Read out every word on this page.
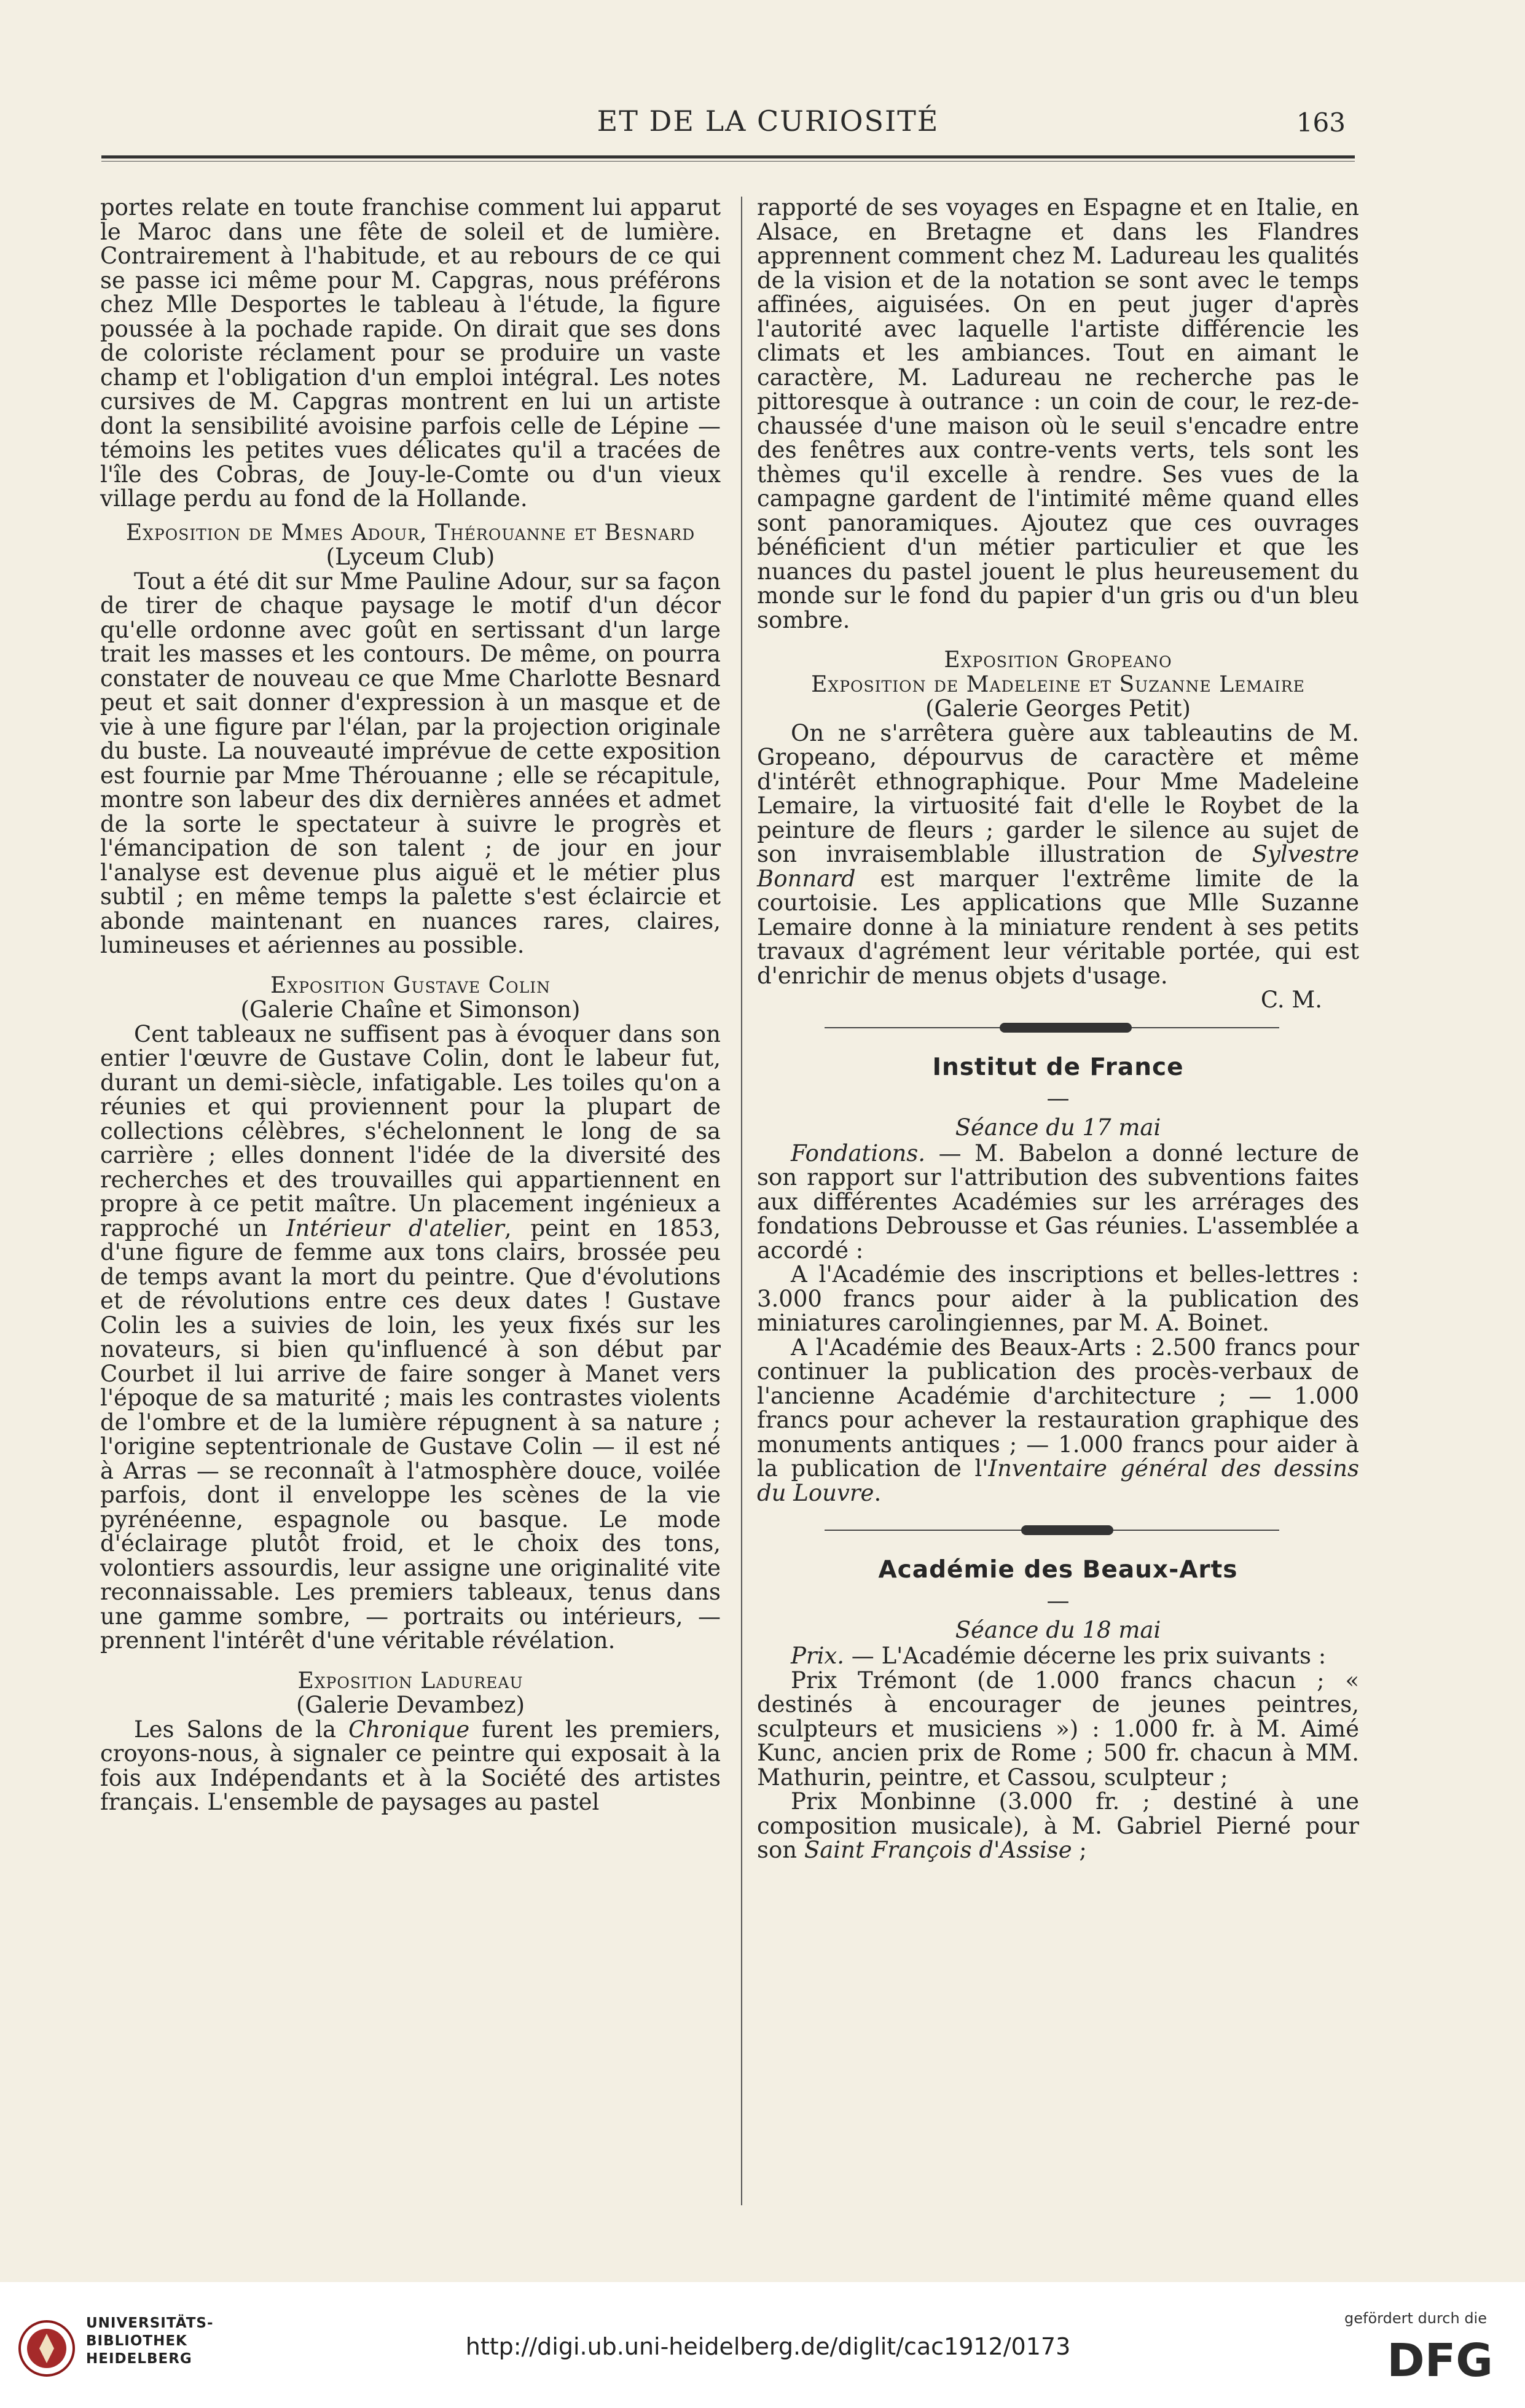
ET DE LA CURIOSITÉ	163

portes relate en toute franchise comment lui apparut le Maroc dans une fête de soleil et de lumière. Contrairement à l'habitude, et au rebours de ce qui se passe ici même pour M. Capgras, nous préférons chez Mlle Desportes le tableau à l'étude, la figure poussée à la pochade rapide. On dirait que ses dons de coloriste réclament pour se produire un vaste champ et l'obligation d'un emploi intégral. Les notes cursives de M. Capgras montrent en lui un artiste dont la sensibilité avoisine parfois celle de Lépine — témoins les petites vues délicates qu'il a tracées de l'île des Cobras, de Jouy-le-Comte ou d'un vieux village perdu au fond de la Hollande.

Exposition de Mmes Adour, Thérouanne et Besnard

(Lyceum Club)

Tout a été dit sur Mme Pauline Adour, sur sa façon de tirer de chaque paysage le motif d'un décor qu'elle ordonne avec goût en sertissant d'un large trait les masses et les contours. De même, on pourra constater de nouveau ce que Mme Charlotte Besnard peut et sait donner d'expression à un masque et de vie à une figure par l'élan, par la projection originale du buste. La nouveauté imprévue de cette exposition est fournie par Mme Thérouanne ; elle se récapitule, montre son labeur des dix dernières années et admet de la sorte le spectateur à suivre le progrès et l'émancipation de son talent ; de jour en jour l'analyse est devenue plus aiguë et le métier plus subtil ; en même temps la palette s'est éclaircie et abonde maintenant en nuances rares, claires, lumineuses et aériennes au possible.

Exposition Gustave Colin

(Galerie Chaîne et Simonson)

Cent tableaux ne suffisent pas à évoquer dans son entier l'œuvre de Gustave Colin, dont le labeur fut, durant un demi-siècle, infatigable. Les toiles qu'on a réunies et qui proviennent pour la plupart de collections célèbres, s'échelonnent le long de sa carrière ; elles donnent l'idée de la diversité des recherches et des trouvailles qui appartiennent en propre à ce petit maître. Un placement ingénieux a rapproché un Intérieur d'atelier, peint en 1853, d'une figure de femme aux tons clairs, brossée peu de temps avant la mort du peintre. Que d'évolutions et de révolutions entre ces deux dates ! Gustave Colin les a suivies de loin, les yeux fixés sur les novateurs, si bien qu'influencé à son début par Courbet il lui arrive de faire songer à Manet vers l'époque de sa maturité ; mais les contrastes violents de l'ombre et de la lumière répugnent à sa nature ; l'origine septentrionale de Gustave Colin — il est né à Arras — se reconnaît à l'atmosphère douce, voilée parfois, dont il enveloppe les scènes de la vie pyrénéenne, espagnole ou basque. Le mode d'éclairage plutôt froid, et le choix des tons, volontiers assourdis, leur assigne une originalité vite reconnaissable. Les premiers tableaux, tenus dans une gamme sombre, — portraits ou intérieurs, — prennent l'intérêt d'une véritable révélation.

Exposition Ladureau

(Galerie Devambez)

Les Salons de la Chronique furent les premiers, croyons-nous, à signaler ce peintre qui exposait à la fois aux Indépendants et à la Société des artistes français. L'ensemble de paysages au pastel

rapporté de ses voyages en Espagne et en Italie, en Alsace, en Bretagne et dans les Flandres apprennent comment chez M. Ladureau les qualités de la vision et de la notation se sont avec le temps affinées, aiguisées. On en peut juger d'après l'autorité avec laquelle l'artiste différencie les climats et les ambiances. Tout en aimant le caractère, M. Ladureau ne recherche pas le pittoresque à outrance : un coin de cour, le rez-de-chaussée d'une maison où le seuil s'encadre entre des fenêtres aux contre-vents verts, tels sont les thèmes qu'il excelle à rendre. Ses vues de la campagne gardent de l'intimité même quand elles sont panoramiques. Ajoutez que ces ouvrages bénéficient d'un métier particulier et que les nuances du pastel jouent le plus heureusement du monde sur le fond du papier d'un gris ou d'un bleu sombre.

Exposition Gropeano

Exposition de Madeleine et Suzanne Lemaire

(Galerie Georges Petit)

On ne s'arrêtera guère aux tableautins de M. Gropeano, dépourvus de caractère et même d'intérêt ethnographique. Pour Mme Madeleine Lemaire, la virtuosité fait d'elle le Roybet de la peinture de fleurs ; garder le silence au sujet de son invraisemblable illustration de Sylvestre Bonnard est marquer l'extrême limite de la courtoisie. Les applications que Mlle Suzanne Lemaire donne à la miniature rendent à ses petits travaux d'agrément leur véritable portée, qui est d'enrichir de menus objets d'usage.

C. M.

Institut de France

—

Séance du 17 mai

Fondations. — M. Babelon a donné lecture de son rapport sur l'attribution des subventions faites aux différentes Académies sur les arrérages des fondations Debrousse et Gas réunies. L'assemblée a accordé :

A l'Académie des inscriptions et belles-lettres : 3.000 francs pour aider à la publication des miniatures carolingiennes, par M. A. Boinet.

A l'Académie des Beaux-Arts : 2.500 francs pour continuer la publication des procès-verbaux de l'ancienne Académie d'architecture ; — 1.000 francs pour achever la restauration graphique des monuments antiques ; — 1.000 francs pour aider à la publication de l'Inventaire général des dessins du Louvre.

Académie des Beaux-Arts

—

Séance du 18 mai

Prix. — L'Académie décerne les prix suivants :

Prix Trémont (de 1.000 francs chacun ; « destinés à encourager de jeunes peintres, sculpteurs et musiciens ») : 1.000 fr. à M. Aimé Kunc, ancien prix de Rome ; 500 fr. chacun à MM. Mathurin, peintre, et Cassou, sculpteur ;

Prix Monbinne (3.000 fr. ; destiné à une composition musicale), à M. Gabriel Pierné pour son Saint François d'Assise ;

UNIVERSITÄTS-
BIBLIOTHEK
HEIDELBERG	http://digi.ub.uni-heidelberg.de/diglit/cac1912/0173
gefördert durch die
DFG
